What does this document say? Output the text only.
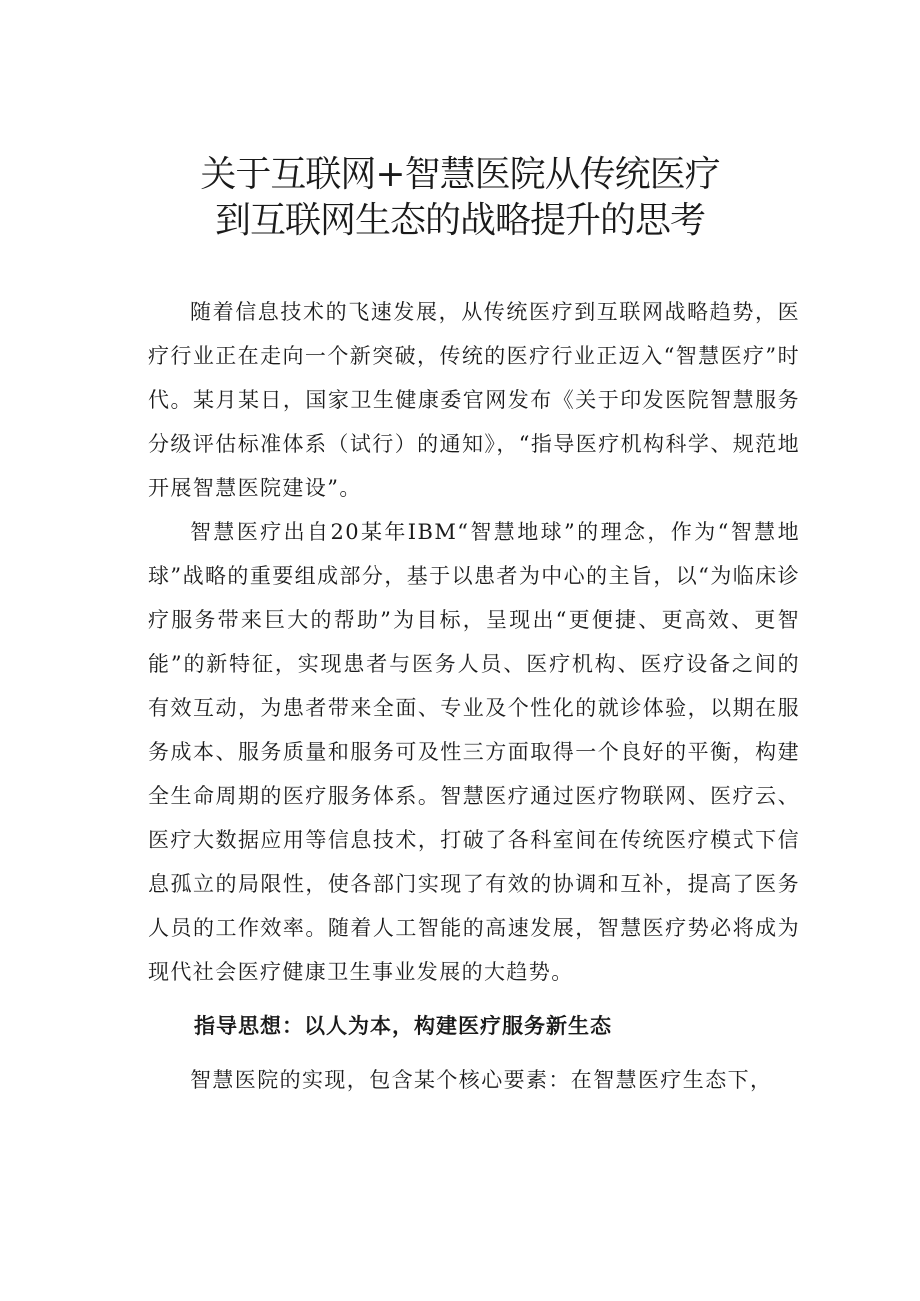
关于互联网+智慧医院从传统医疗
到互联网生态的战略提升的思考

随着信息技术的飞速发展，从传统医疗到互联网战略趋势，医疗行业正在走向一个新突破，传统的医疗行业正迈入“智慧医疗”时代。某月某日，国家卫生健康委官网发布《关于印发医院智慧服务分级评估标准体系（试行）的通知》，“指导医疗机构科学、规范地开展智慧医院建设”。

智慧医疗出自20某年IBM“智慧地球”的理念，作为“智慧地球”战略的重要组成部分，基于以患者为中心的主旨，以“为临床诊疗服务带来巨大的帮助”为目标，呈现出“更便捷、更高效、更智能”的新特征，实现患者与医务人员、医疗机构、医疗设备之间的有效互动，为患者带来全面、专业及个性化的就诊体验，以期在服务成本、服务质量和服务可及性三方面取得一个良好的平衡，构建全生命周期的医疗服务体系。智慧医疗通过医疗物联网、医疗云、医疗大数据应用等信息技术，打破了各科室间在传统医疗模式下信息孤立的局限性，使各部门实现了有效的协调和互补，提高了医务人员的工作效率。随着人工智能的高速发展，智慧医疗势必将成为现代社会医疗健康卫生事业发展的大趋势。

指导思想：以人为本，构建医疗服务新生态

智慧医院的实现，包含某个核心要素：在智慧医疗生态下，
